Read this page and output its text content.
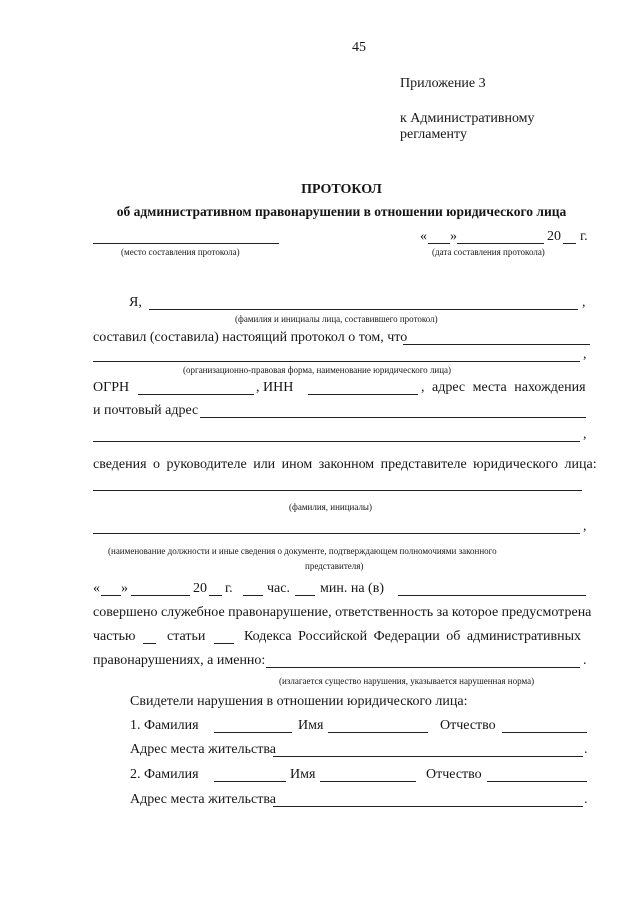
45
Приложение 3
к Административному
регламенту
ПРОТОКОЛ
об административном правонарушении в отношении юридического лица
(место составления протокола)
« »	20 г.
(дата составления протокола)
Я,	,
(фамилия и инициалы лица, составившего протокол)
составил (составила) настоящий протокол о том, что
,
(организационно-правовая форма, наименование юридического лица)
ОГРН	, ИНН	, адрес места нахождения
и почтовый адрес
,
сведения о руководителе или ином законном представителе юридического лица:
(фамилия, инициалы)
,
(наименование должности и иные сведения о документе, подтверждающем полномочиями законного
представителя)
« »	20 г. час. мин. на (в)
совершено служебное правонарушение, ответственность за которое предусмотрена
частью статьи	Кодекса Российской Федерации об административных
правонарушениях, а именно:	.
(излагается существо нарушения, указывается нарушенная норма)
Свидетели нарушения в отношении юридического лица:
1. Фамилия	Имя	Отчество
Адрес места жительства	.
2. Фамилия	Имя	Отчество
Адрес места жительства	.
